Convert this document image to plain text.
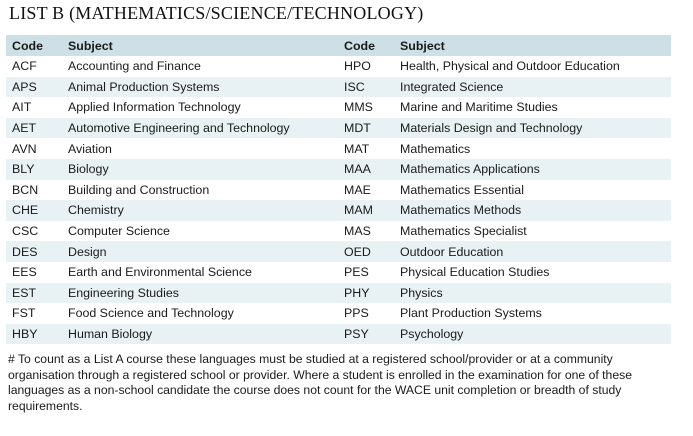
LIST B (MATHEMATICS/SCIENCE/TECHNOLOGY)
Code	Subject	Code	Subject
ACF	Accounting and Finance	HPO	Health, Physical and Outdoor Education
APS	Animal Production Systems	ISC	Integrated Science
AIT	Applied Information Technology	MMS	Marine and Maritime Studies
AET	Automotive Engineering and Technology	MDT	Materials Design and Technology
AVN	Aviation	MAT	Mathematics
BLY	Biology	MAA	Mathematics Applications
BCN	Building and Construction	MAE	Mathematics Essential
CHE	Chemistry	MAM	Mathematics Methods
CSC	Computer Science	MAS	Mathematics Specialist
DES	Design	OED	Outdoor Education
EES	Earth and Environmental Science	PES	Physical Education Studies
EST	Engineering Studies	PHY	Physics
FST	Food Science and Technology	PPS	Plant Production Systems
HBY	Human Biology	PSY	Psychology
# To count as a List A course these languages must be studied at a registered school/provider or at a community organisation through a registered school or provider. Where a student is enrolled in the examination for one of these languages as a non-school candidate the course does not count for the WACE unit completion or breadth of study requirements.
